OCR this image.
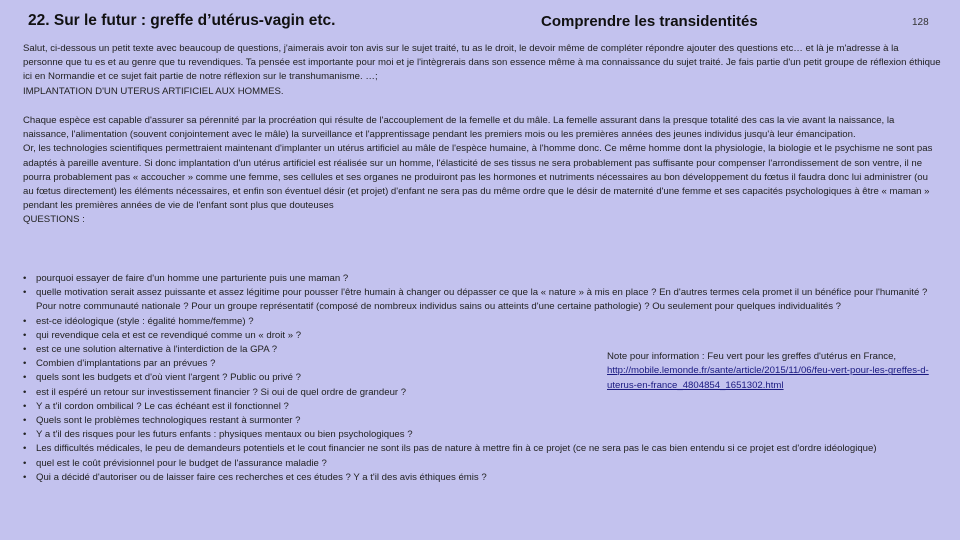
22. Sur le futur : greffe d’utérus-vagin etc.	Comprendre les transidentités	128
Salut, ci-dessous un petit texte avec beaucoup de questions, j'aimerais avoir ton avis sur le sujet traité, tu as le droit, le devoir même de compléter répondre ajouter des questions etc… et là je m'adresse à la personne que tu es et au genre que tu revendiques. Ta pensée est importante pour moi et je l'intègrerais dans son essence même à ma connaissance du sujet traité. Je fais partie d'un petit groupe de réflexion éthique ici en Normandie et ce sujet fait partie de notre réflexion sur le transhumanisme. …;
IMPLANTATION D'UN UTERUS ARTIFICIEL AUX HOMMES.
Chaque espèce est capable d'assurer sa pérennité par la procréation qui résulte de l'accouplement de la femelle et du mâle. La femelle assurant dans la presque totalité des cas la vie avant la naissance, la naissance, l'alimentation (souvent conjointement avec le mâle) la surveillance et l'apprentissage pendant les premiers mois ou les premières années des jeunes individus jusqu'à leur émancipation.
Or, les technologies scientifiques permettraient maintenant d'implanter un utérus artificiel au mâle de l'espèce humaine, à l'homme donc. Ce même homme dont la physiologie, la biologie et le psychisme ne sont pas adaptés à pareille aventure. Si donc implantation d'un utérus artificiel est réalisée sur un homme, l'élasticité de ses tissus ne sera probablement pas suffisante pour compenser l'arrondissement de son ventre, il ne pourra probablement pas « accoucher » comme une femme, ses cellules et ses organes ne produiront pas les hormones et nutriments nécessaires au bon développement du fœtus il faudra donc lui administrer (ou au fœtus directement) les éléments nécessaires, et enfin son éventuel désir (et projet) d'enfant ne sera pas du même ordre que le désir de maternité d'une femme et ses capacités psychologiques à être « maman » pendant les premières années de vie de l'enfant sont plus que douteuses
QUESTIONS :
• pourquoi essayer de faire d'un homme une parturiente puis une maman ?
• quelle motivation serait assez puissante et assez légitime pour pousser l'être humain à changer ou dépasser ce que la « nature » à mis en place ? En d'autres termes cela promet il un bénéfice pour l'humanité ? Pour notre communauté nationale ? Pour un groupe représentatif (composé de nombreux individus sains ou atteints d'une certaine pathologie) ? Ou seulement pour quelques individualités ?
• est-ce idéologique (style : égalité homme/femme) ?
• qui revendique cela et est ce revendiqué comme un « droit » ?
• est ce une solution alternative à l'interdiction de la GPA ?
• Combien d'implantations par an prévues ?
• quels sont les budgets et d'où vient l'argent ? Public ou privé ?
• est il espéré un retour sur investissement financier ? Si oui de quel ordre de grandeur ?
• Y a t'il cordon ombilical ? Le cas échéant est il fonctionnel ?
• Quels sont le problèmes technologiques restant à surmonter ?
• Y a t'il des risques pour les futurs enfants : physiques mentaux ou bien psychologiques ?
• Les difficultés médicales, le peu de demandeurs potentiels et le cout financier ne sont ils pas de nature à mettre fin à ce projet (ce ne sera pas le cas bien entendu si ce projet est d'ordre idéologique)
• quel est le coût prévisionnel pour le budget de l'assurance maladie ?
• Qui a décidé d'autoriser ou de laisser faire ces recherches et ces études ? Y a t'il des avis éthiques émis ?
Note pour information : Feu vert pour les greffes d'utérus en France, http://mobile.lemonde.fr/sante/article/2015/11/06/feu-vert-pour-les-greffes-d-uterus-en-france_4804854_1651302.html
